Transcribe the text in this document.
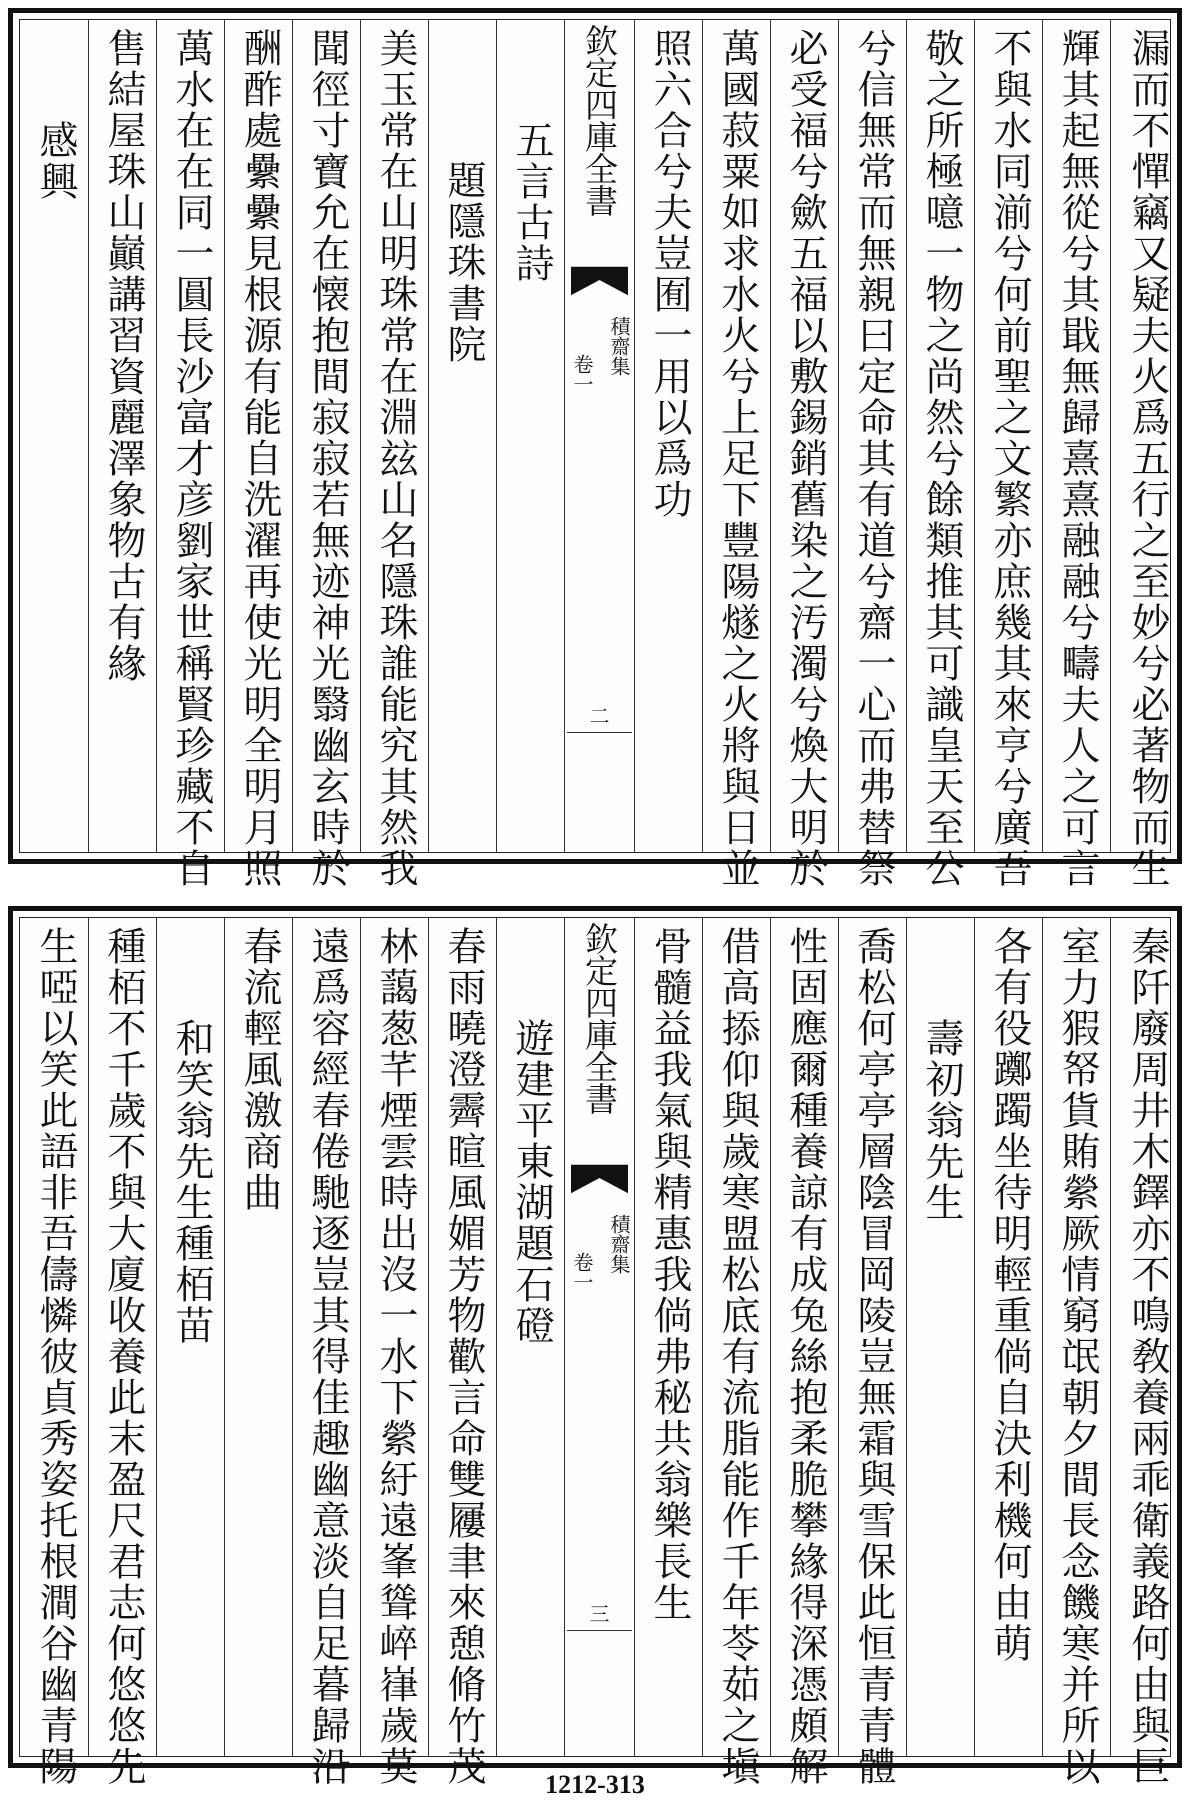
感興 售結屋珠山巓講習資麗澤象物古有緣 萬水在在同一圓長沙富才彦劉家世稱賢珍藏不自 酬酢處纍纍見根源有能自洗濯再使光明全明月照 聞徑寸寶允在懐抱間寂寂若無迹神光翳幽玄時於 美玉常在山明珠常在淵玆山名隱珠誰能究其然我 題隱珠書院 五言古詩 欽定四庫全書
積齋集
卷一
二
照六合兮夫豈囿一用以爲功 萬國菽粟如求水火兮上足下豐陽燧之火將與日並 必受福兮歛五福以敷錫銷舊染之汚濁兮煥大明於 兮信無常而無親曰定命其有道兮齋一心而弗替祭 敬之所極噫一物之尚然兮餘類推其可識皇天至公 不與水同湔兮何前聖之文繁亦庶幾其來亨兮廣吾 輝其起無從兮其戢無歸熹熹融融兮疇夫人之可言 漏而不憚竊又疑夫火爲五行之至妙兮必著物而生
生啞以笑此語非吾儔憐彼貞秀姿托根澗谷幽青陽 種栢不千歲不與大廈收養此末盈尺君志何悠悠先 和笑翁先生種栢苗 春流輕風激商曲 遠爲容經春倦馳逐豈其得佳趣幽意淡自足暮歸沿 林藹葱芊煙雲時出沒一水下縈紆遠峯聳崪嵂歲莫 春雨曉澄霽暄風媚芳物歡言命雙屨聿來憩脩竹茂 遊建平東湖題石磴 欽定四庫全書
積齋集
卷一
三 骨髓益我氣與精惠我倘弗秘共翁樂長生 借高掭仰與歲寒盟松底有流脂能作千年苓茹之塡 性固應爾種養諒有成兔絲抱柔脆攀緣得深憑頗解 喬松何亭亭層陰冒岡陵豈無霜與雪保此恒青青體 壽初翁先生 各有役躑躅坐待明輕重倘自決利機何由萌 室力猳帑貨賄縈厥情窮氓朝夕間長念饑寒并所以 秦阡廢周井木鐸亦不鳴敎養兩乖衛義路何由與巨
1212-313
